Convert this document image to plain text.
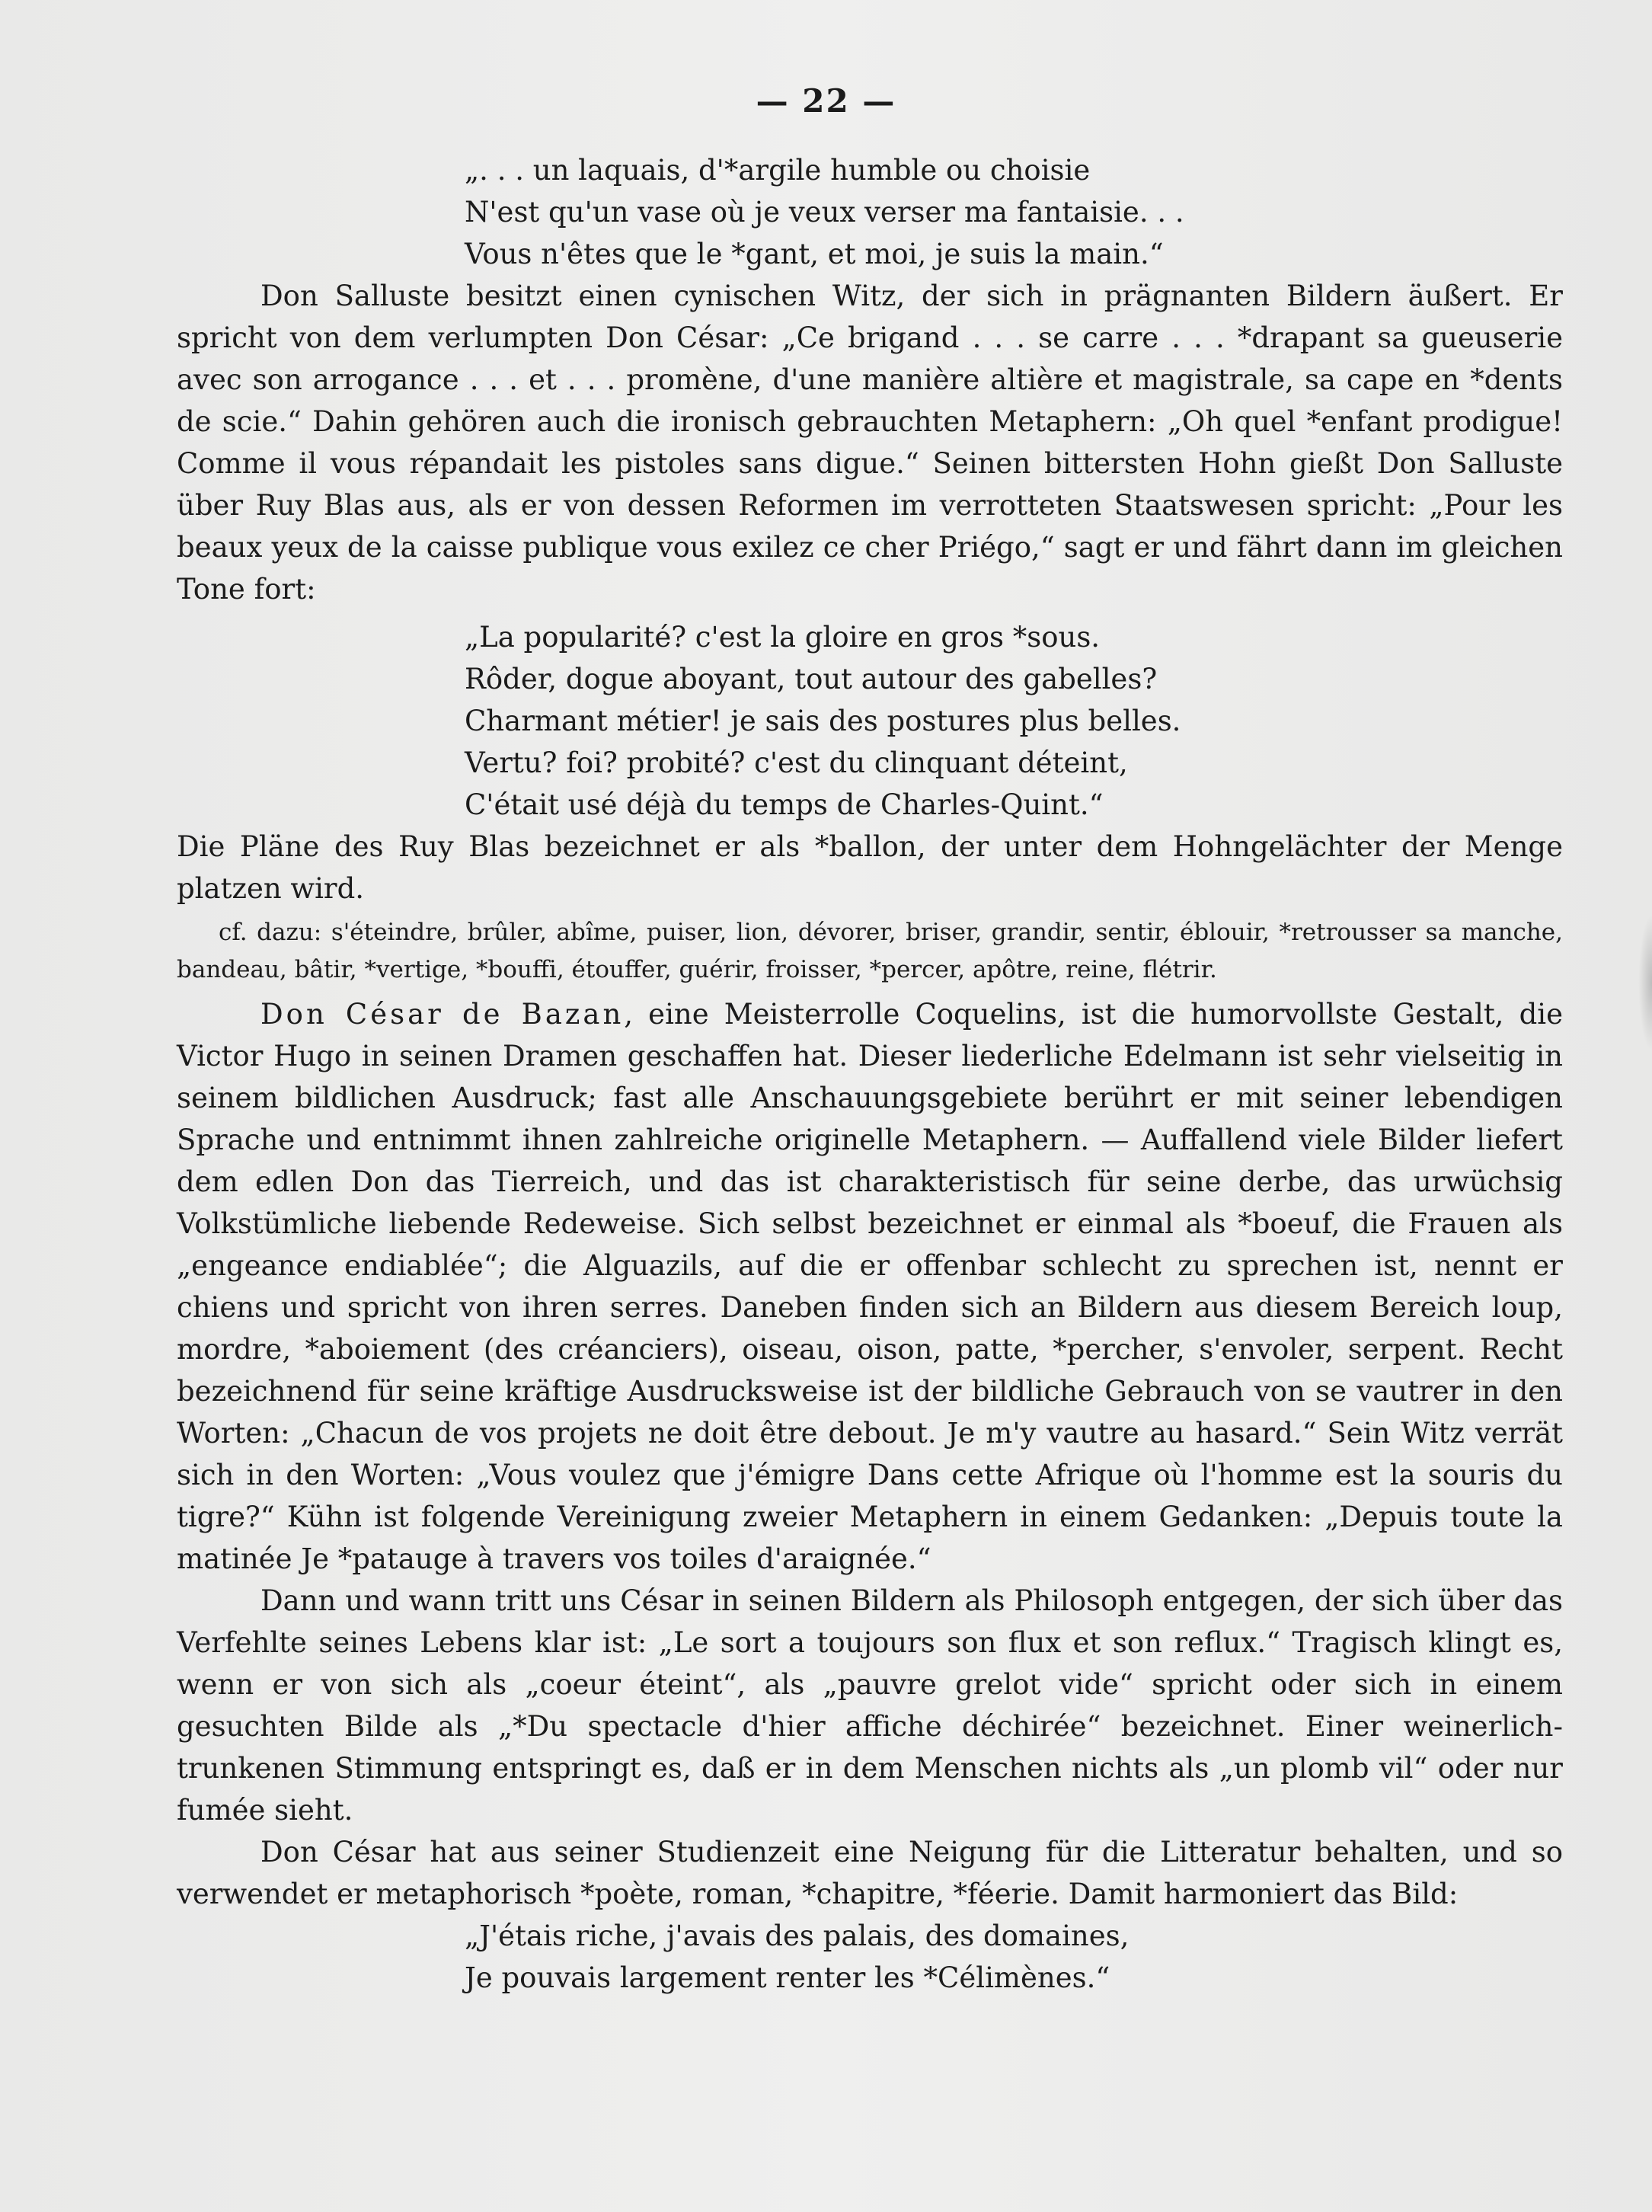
— 22 —
„. . . un laquais, d'*argile humble ou choisie
N'est qu'un vase où je veux verser ma fantaisie. . .
Vous n'êtes que le *gant, et moi, je suis la main.“

Don Salluste besitzt einen cynischen Witz, der sich in prägnanten Bildern äußert. Er spricht von dem verlumpten Don César: „Ce brigand . . . se carre . . . *drapant sa gueuserie avec son arrogance . . . et . . . promène, d'une manière altière et magistrale, sa cape en *dents de scie.“ Dahin gehören auch die ironisch gebrauchten Metaphern: „Oh quel *enfant prodigue! Comme il vous répandait les pistoles sans digue.“ Seinen bittersten Hohn gießt Don Salluste über Ruy Blas aus, als er von dessen Reformen im verrotteten Staatswesen spricht: „Pour les beaux yeux de la caisse publique vous exilez ce cher Priégo,“ sagt er und fährt dann im gleichen Tone fort:

„La popularité? c'est la gloire en gros *sous.
Rôder, dogue aboyant, tout autour des gabelles?
Charmant métier! je sais des postures plus belles.
Vertu? foi? probité? c'est du clinquant déteint,
C'était usé déjà du temps de Charles-Quint.“

Die Pläne des Ruy Blas bezeichnet er als *ballon, der unter dem Hohngelächter der Menge platzen wird.

cf. dazu: s'éteindre, brûler, abîme, puiser, lion, dévorer, briser, grandir, sentir, éblouir, *retrousser sa manche, bandeau, bâtir, *vertige, *bouffi, étouffer, guérir, froisser, *percer, apôtre, reine, flétrir.

Don César de Bazan, eine Meisterrolle Coquelins, ist die humorvollste Gestalt, die Victor Hugo in seinen Dramen geschaffen hat. Dieser liederliche Edelmann ist sehr vielseitig in seinem bildlichen Ausdruck; fast alle Anschauungsgebiete berührt er mit seiner lebendigen Sprache und entnimmt ihnen zahlreiche originelle Metaphern. — Auffallend viele Bilder liefert dem edlen Don das Tierreich, und das ist charakteristisch für seine derbe, das urwüchsig Volkstümliche liebende Redeweise. Sich selbst bezeichnet er einmal als *boeuf, die Frauen als „engeance endiablée“; die Alguazils, auf die er offenbar schlecht zu sprechen ist, nennt er chiens und spricht von ihren serres. Daneben finden sich an Bildern aus diesem Bereich loup, mordre, *aboiement (des créanciers), oiseau, oison, patte, *percher, s'envoler, serpent. Recht bezeichnend für seine kräftige Ausdrucksweise ist der bildliche Gebrauch von se vautrer in den Worten: „Chacun de vos projets ne doit être debout. Je m'y vautre au hasard.“ Sein Witz verrät sich in den Worten: „Vous voulez que j'émigre Dans cette Afrique où l'homme est la souris du tigre?“ Kühn ist folgende Vereinigung zweier Metaphern in einem Gedanken: „Depuis toute la matinée Je *patauge à travers vos toiles d'araignée.“

Dann und wann tritt uns César in seinen Bildern als Philosoph entgegen, der sich über das Verfehlte seines Lebens klar ist: „Le sort a toujours son flux et son reflux.“ Tragisch klingt es, wenn er von sich als „coeur éteint“, als „pauvre grelot vide“ spricht oder sich in einem gesuchten Bilde als „*Du spectacle d'hier affiche déchirée“ bezeichnet. Einer weinerlich-trunkenen Stimmung entspringt es, daß er in dem Menschen nichts als „un plomb vil“ oder nur fumée sieht.

Don César hat aus seiner Studienzeit eine Neigung für die Litteratur behalten, und so verwendet er metaphorisch *poète, roman, *chapitre, *féerie. Damit harmoniert das Bild:

„J'étais riche, j'avais des palais, des domaines,
Je pouvais largement renter les *Célimènes.“
